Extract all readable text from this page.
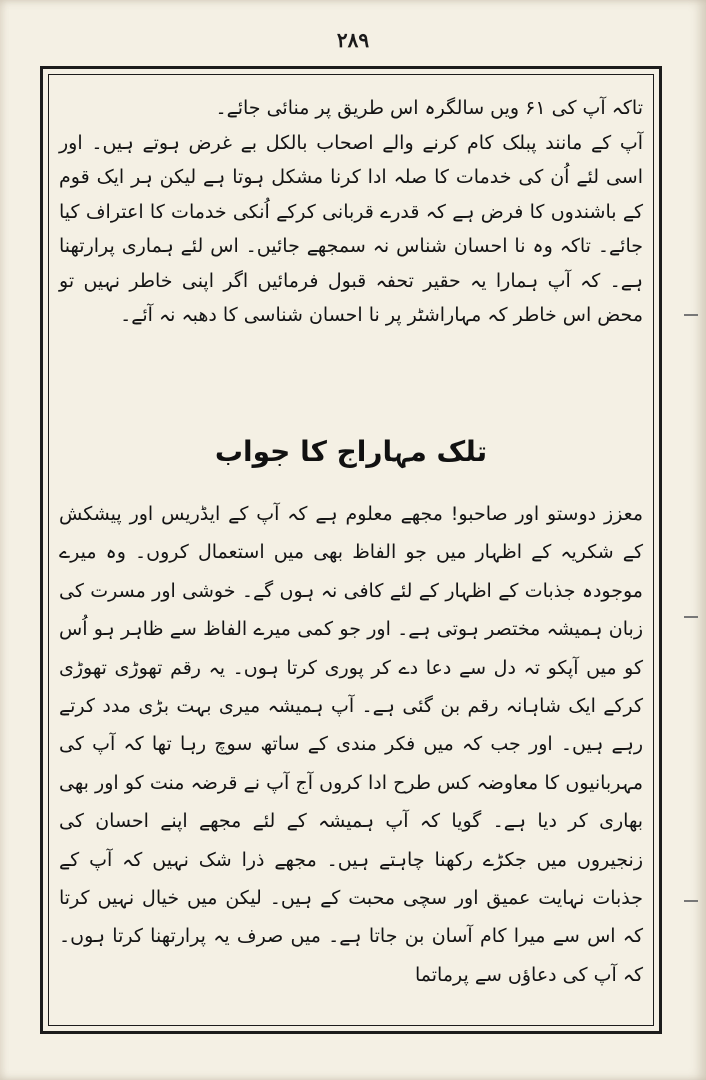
۲۸۹

تاکہ آپ کی ۶۱ ویں سالگرہ اس طریق پر منائی جائے۔

آپ کے مانند پبلک کام کرنے والے اصحاب بالکل بے غرض ہوتے ہیں۔ اور اسی لئے اُن کی خدمات کا صلہ ادا کرنا مشکل ہوتا ہے لیکن ہر ایک قوم کے باشندوں کا فرض ہے کہ قدرے قربانی کرکے اُنکی خدمات کا اعتراف کیا جائے۔ تاکہ وہ نا احسان شناس نہ سمجھے جائیں۔ اس لئے ہماری پرارتھنا ہے۔ کہ آپ ہمارا یہ حقیر تحفہ قبول فرمائیں اگر اپنی خاطر نہیں تو محض اس خاطر کہ مہاراشٹر پر نا احسان شناسی کا دھبہ نہ آئے۔

تلک مہاراج کا جواب

معزز دوستو اور صاحبو! مجھے معلوم ہے کہ آپ کے ایڈریس اور پیشکش کے شکریہ کے اظہار میں جو الفاظ بھی میں استعمال کروں۔ وہ میرے موجودہ جذبات کے اظہار کے لئے کافی نہ ہوں گے۔ خوشی اور مسرت کی زبان ہمیشہ مختصر ہوتی ہے۔ اور جو کمی میرے الفاظ سے ظاہر ہو اُس کو میں آپکو تہ دل سے دعا دے کر پوری کرتا ہوں۔ یہ رقم تھوڑی تھوڑی کرکے ایک شاہانہ رقم بن گئی ہے۔ آپ ہمیشہ میری بہت بڑی مدد کرتے رہے ہیں۔ اور جب کہ میں فکر مندی کے ساتھ سوچ رہا تھا کہ آپ کی مہربانیوں کا معاوضہ کس طرح ادا کروں آج آپ نے قرضہ منت کو اور بھی بھاری کر دیا ہے۔ گویا کہ آپ ہمیشہ کے لئے مجھے اپنے احسان کی زنجیروں میں جکڑے رکھنا چاہتے ہیں۔ مجھے ذرا شک نہیں کہ آپ کے جذبات نہایت عمیق اور سچی محبت کے ہیں۔ لیکن میں خیال نہیں کرتا کہ اس سے میرا کام آسان بن جاتا ہے۔ میں صرف یہ پرارتھنا کرتا ہوں۔ کہ آپ کی دعاؤں سے پرماتما
